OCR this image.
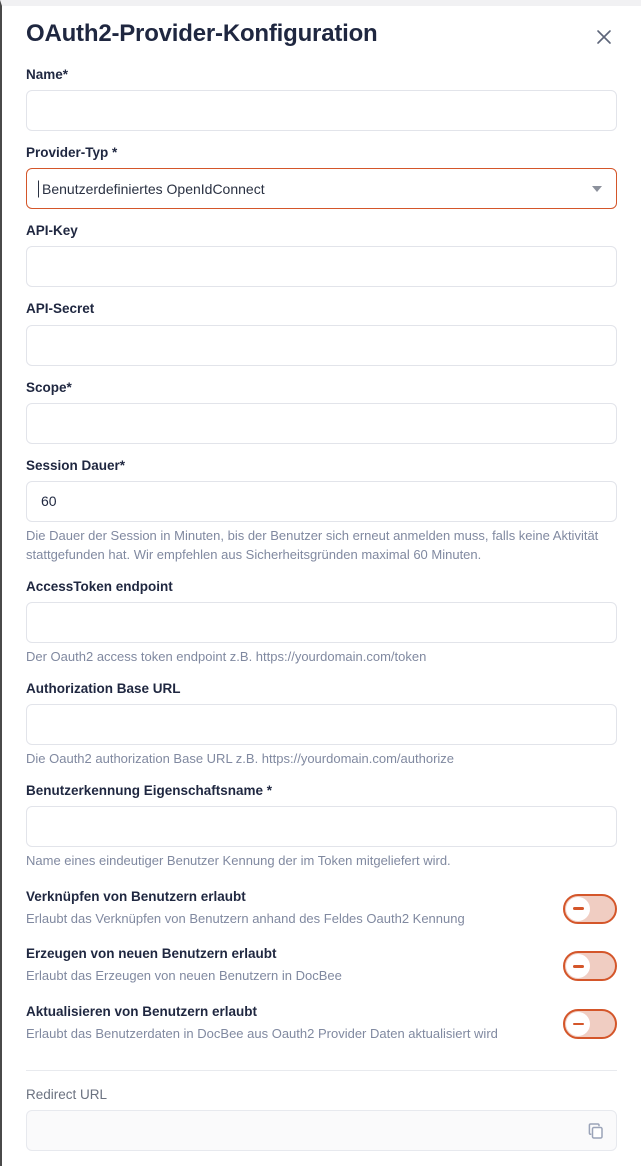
OAuth2-Provider-Konfiguration
Name*
Provider-Typ *
Benutzerdefiniertes OpenIdConnect
API-Key
API-Secret
Scope*
Session Dauer*
60

Die Dauer der Session in Minuten, bis der Benutzer sich erneut anmelden muss, falls keine Aktivität stattgefunden hat. Wir empfehlen aus Sicherheitsgründen maximal 60 Minuten.

AccessToken endpoint

Der Oauth2 access token endpoint z.B. https://yourdomain.com/token

Authorization Base URL

Die Oauth2 authorization Base URL z.B. https://yourdomain.com/authorize

Benutzerkennung Eigenschaftsname *

Name eines eindeutiger Benutzer Kennung der im Token mitgeliefert wird.

Verknüpfen von Benutzern erlaubt
Erlaubt das Verknüpfen von Benutzern anhand des Feldes Oauth2 Kennung
Erzeugen von neuen Benutzern erlaubt
Erlaubt das Erzeugen von neuen Benutzern in DocBee
Aktualisieren von Benutzern erlaubt
Erlaubt das Benutzerdaten in DocBee aus Oauth2 Provider Daten aktualisiert wird
Redirect URL
